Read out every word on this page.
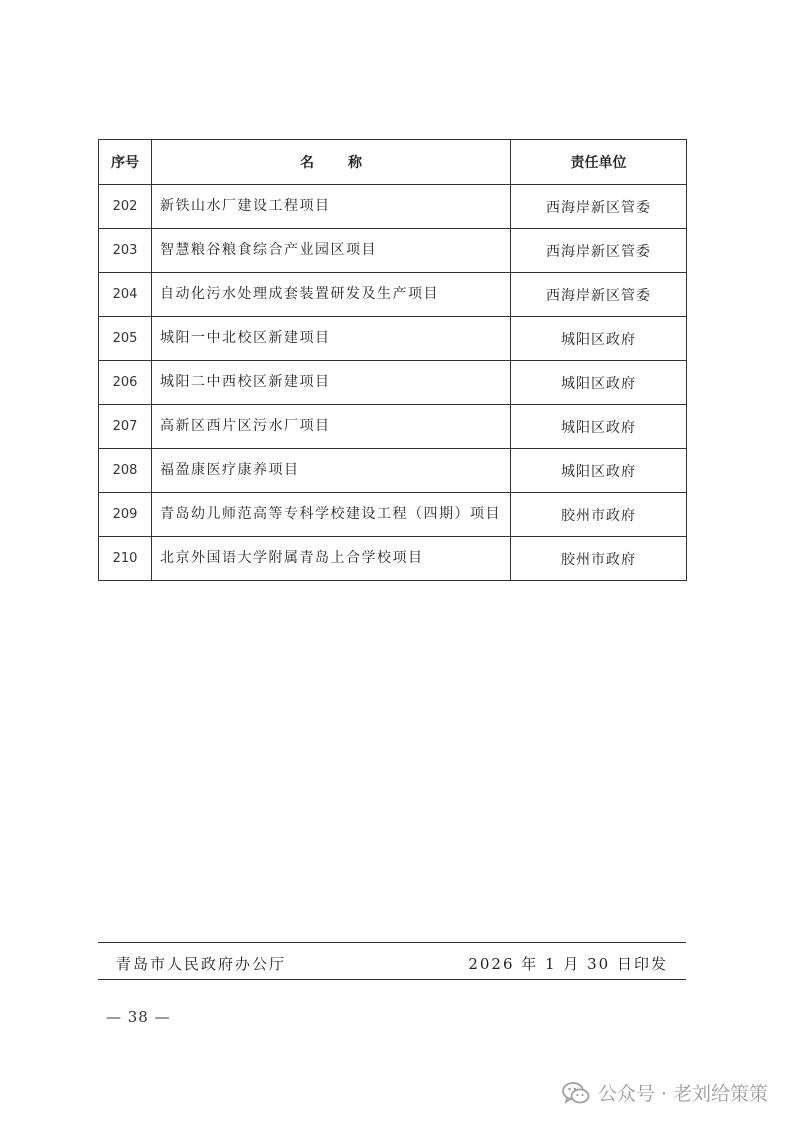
序号	名称	责任单位
202	新铁山水厂建设工程项目	西海岸新区管委
203	智慧粮谷粮食综合产业园区项目	西海岸新区管委
204	自动化污水处理成套装置研发及生产项目	西海岸新区管委
205	城阳一中北校区新建项目	城阳区政府
206	城阳二中西校区新建项目	城阳区政府
207	高新区西片区污水厂项目	城阳区政府
208	福盈康医疗康养项目	城阳区政府
209	青岛幼儿师范高等专科学校建设工程（四期）项目	胶州市政府
210	北京外国语大学附属青岛上合学校项目	胶州市政府
青岛市人民政府办公厅	2026 年 1 月 30 日印发
— 38 —
公众号 · 老刘给策策
